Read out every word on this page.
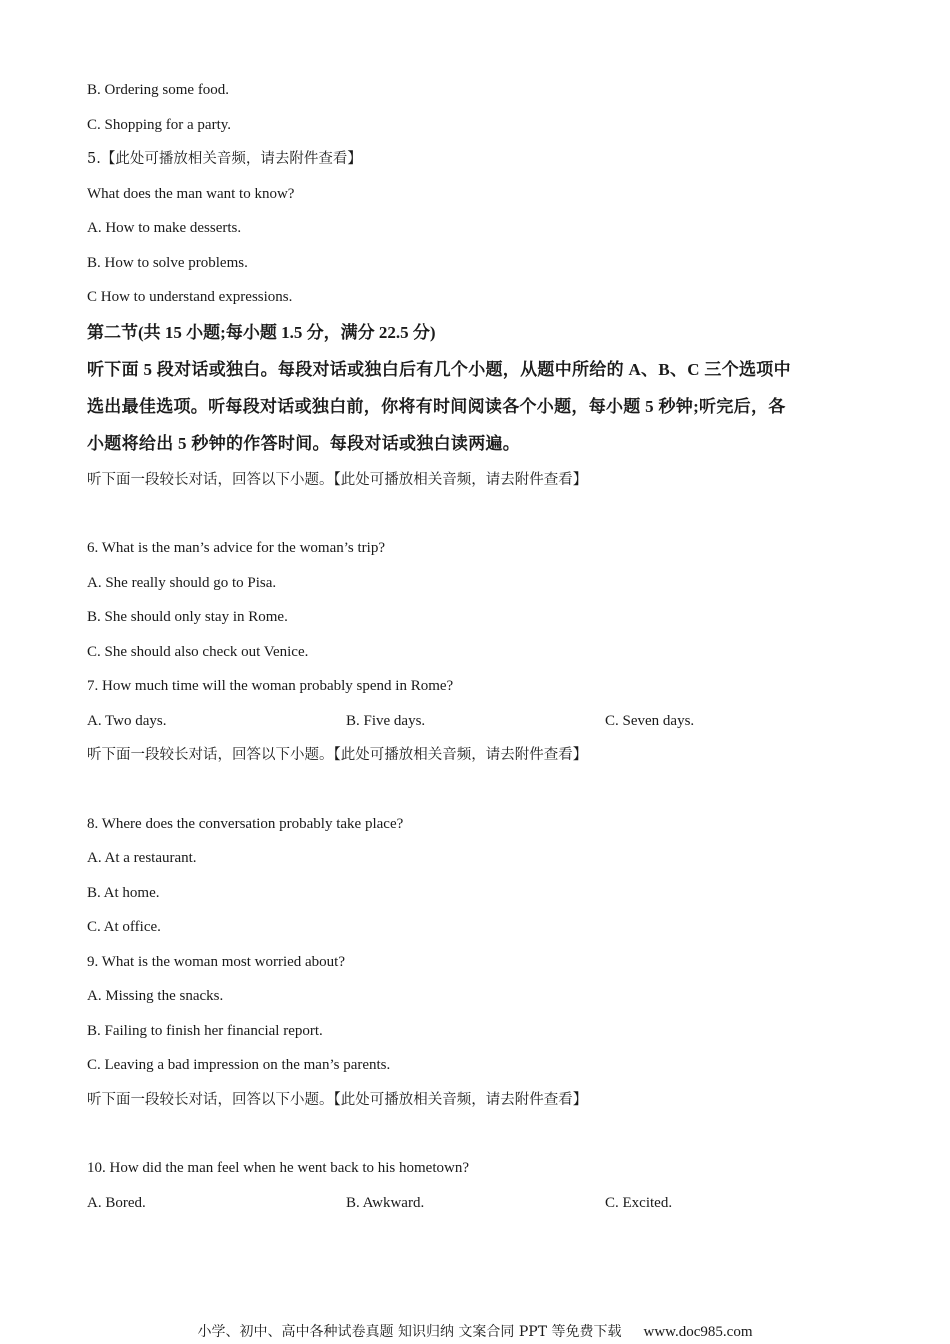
B. Ordering some food.
C. Shopping for a party.
5.【此处可播放相关音频，请去附件查看】
What does the man want to know?
A. How to make desserts.
B. How to solve problems.
C How to understand expressions.
第二节(共 15 小题;每小题 1.5 分，满分 22.5 分)
听下面 5 段对话或独白。每段对话或独白后有几个小题，从题中所给的 A、B、C 三个选项中
选出最佳选项。听每段对话或独白前，你将有时间阅读各个小题，每小题 5 秒钟;听完后，各
小题将给出 5 秒钟的作答时间。每段对话或独白读两遍。
听下面一段较长对话，回答以下小题。【此处可播放相关音频，请去附件查看】
6. What is the man’s advice for the woman’s trip?
A. She really should go to Pisa.
B. She should only stay in Rome.
C. She should also check out Venice.
7. How much time will the woman probably spend in Rome?
A. Two days.	B. Five days.	C. Seven days.
听下面一段较长对话，回答以下小题。【此处可播放相关音频，请去附件查看】
8. Where does the conversation probably take place?
A. At a restaurant.
B. At home.
C. At office.
9. What is the woman most worried about?
A. Missing the snacks.
B. Failing to finish her financial report.
C. Leaving a bad impression on the man’s parents.
听下面一段较长对话，回答以下小题。【此处可播放相关音频，请去附件查看】
10. How did the man feel when he went back to his hometown?
A. Bored.	B. Awkward.	C. Excited.
小学、初中、高中各种试卷真题 知识归纳 文案合同 PPT 等免费下载 www.doc985.com
